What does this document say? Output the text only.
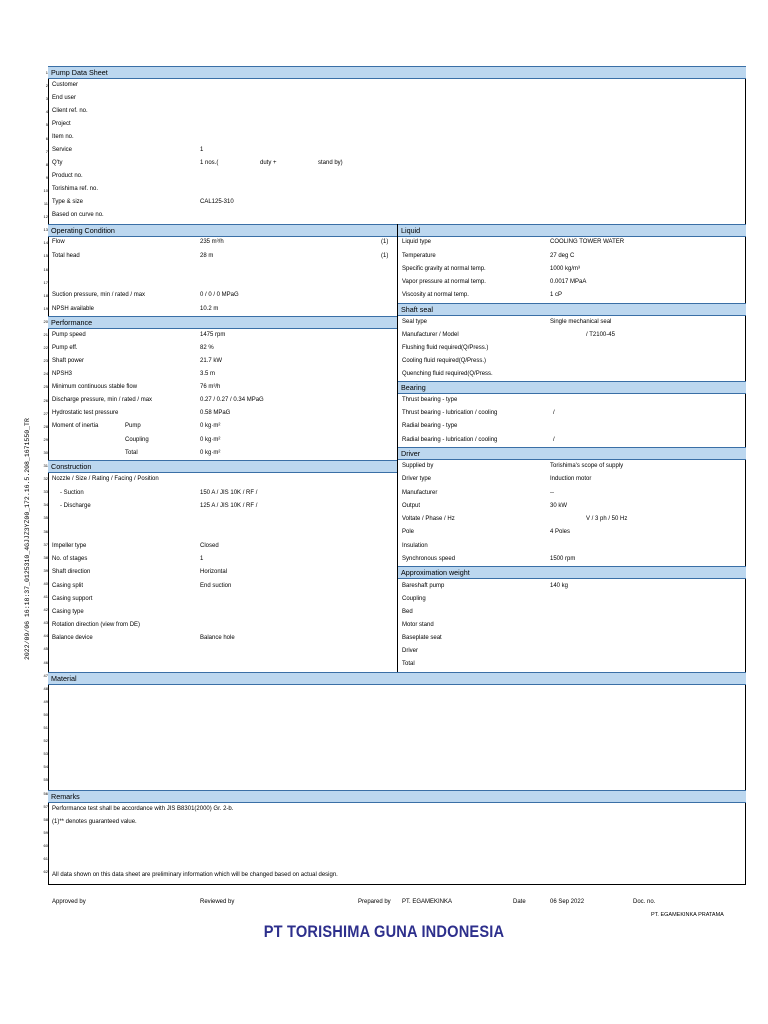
2022/09/06 16:18:37_0125310_4GJJZ3YZ00_172.16.5.208_1671550_TR
1
2
3
4
5
6
7
8
9
10
11
12
13
14
15
16
17
18
19
20
21
22
23
24
25
26
27
28
29
30
31
32
33
34
35
36
37
38
39
40
41
42
43
44
45
46
47
48
49
50
51
52
53
54
55
56
57
58
59
60
61
62
Pump Data Sheet
Operating Condition	Liquid
Shaft seal
Performance
Bearing
Driver
Construction
Approximation weight
Material
Remarks
Customer
End user
Client ref. no.
Project
Item no.
Service	1
Q'ty	1 nos.(	duty +	stand by)
Product no.
Torishima ref. no.
Type & size	CAL125-310
Based on curve no.
Flow	235 m³/h	(1)
Total head	28 m	(1)
Suction pressure, min / rated / max	0 / 0 / 0 MPaG
NPSH available	10.2 m
Liquid type	COOLING TOWER WATER
Temperature	27 deg C
Specific gravity at normal temp.	1000 kg/m³
Vapor pressure at normal temp.	0.0017 MPaA
Viscosity at normal temp.	1 cP
Seal type	Single mechanical seal
Manufacturer / Model	/ T2100-45
Flushing fluid required(Q/Press.)
Cooling fluid required(Q/Press.)
Quenching fluid required(Q/Press.
Pump speed	1475 rpm
Pump eff.	82 %
Shaft power	21.7 kW
NPSH3	3.5 m
Minimum continuous stable flow	76 m³/h
Discharge pressure, min / rated / max	0.27 / 0.27 / 0.34 MPaG
Hydrostatic test pressure	0.58 MPaG
Moment of inertia	Pump	0 kg·m²
Coupling	0 kg·m²
Total	0 kg·m²
Thrust bearing - type
Thrust bearing - lubrication / cooling	/
Radial bearing - type
Radial bearing - lubrication / cooling	/
Supplied by	Torishima's scope of supply
Driver type	Induction motor
Manufacturer	--
Output	30 kW
Voltate / Phase / Hz	V / 3 ph / 50 Hz
Pole	4 Poles
Insulation
Synchronous speed	1500 rpm
Nozzle / Size / Rating / Facing / Position
- Suction	150 A / JIS 10K / RF /
- Discharge	125 A / JIS 10K / RF /
Impeller type	Closed
No. of stages	1
Shaft direction	Horizontal
Casing split	End suction
Casing support
Casing type
Rotation direction (view from DE)
Balance device	Balance hole
Bareshaft pump	140 kg
Coupling
Bed
Motor stand
Baseplate seat
Driver
Total
Performance test shall be accordance with JIS B8301(2000) Gr. 2-b.
(1)** denotes guaranteed value.
All data shown on this data sheet are preliminary information which will be changed based on actual design.
Approved by	Reviewed by	Prepared by PT. EGAMEKINKA	Date	06 Sep 2022	Doc. no.
PT. EGAMEKINKA PRATAMA
PT TORISHIMA GUNA INDONESIA
